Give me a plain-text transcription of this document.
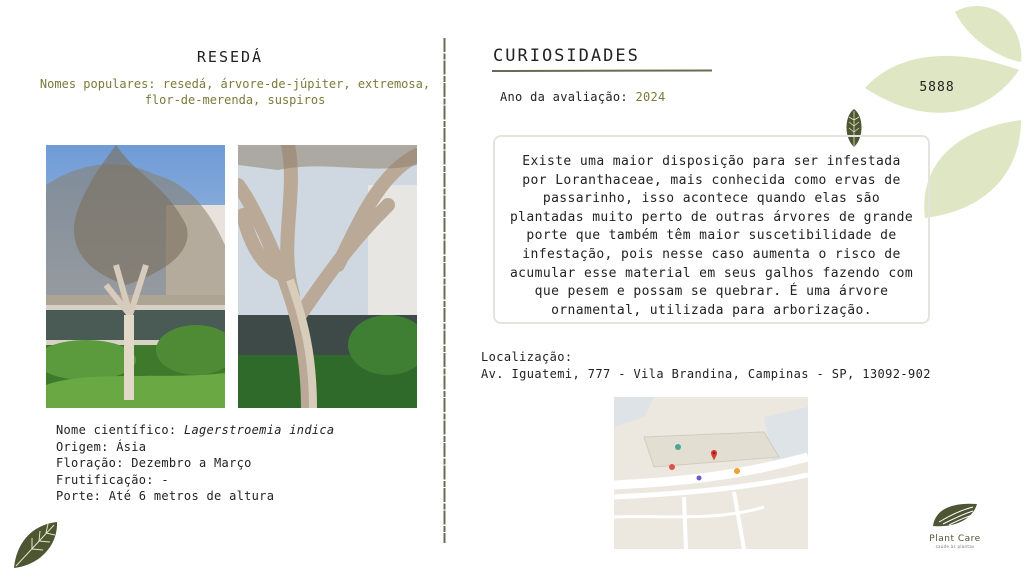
5888
RESEDÁ
Nomes populares: resedá, árvore-de-júpiter, extremosa, flor-de-merenda, suspiros
Nome científico: Lagerstroemia indica
Origem: Ásia
Floração: Dezembro a Março
Frutificação: -
Porte: Até 6 metros de altura
CURIOSIDADES
Ano da avaliação: 2024
Existe uma maior disposição para ser infestada por Loranthaceae, mais conhecida como ervas de passarinho, isso acontece quando elas são plantadas muito perto de outras árvores de grande porte que também têm maior suscetibilidade de infestação, pois nesse caso aumenta o risco de acumular esse material em seus galhos fazendo com que pesem e possam se quebrar. É uma árvore ornamental, utilizada para arborização.
Localização:
Av. Iguatemi, 777 - Vila Brandina, Campinas - SP, 13092-902
Plant Care
saúde às plantas
